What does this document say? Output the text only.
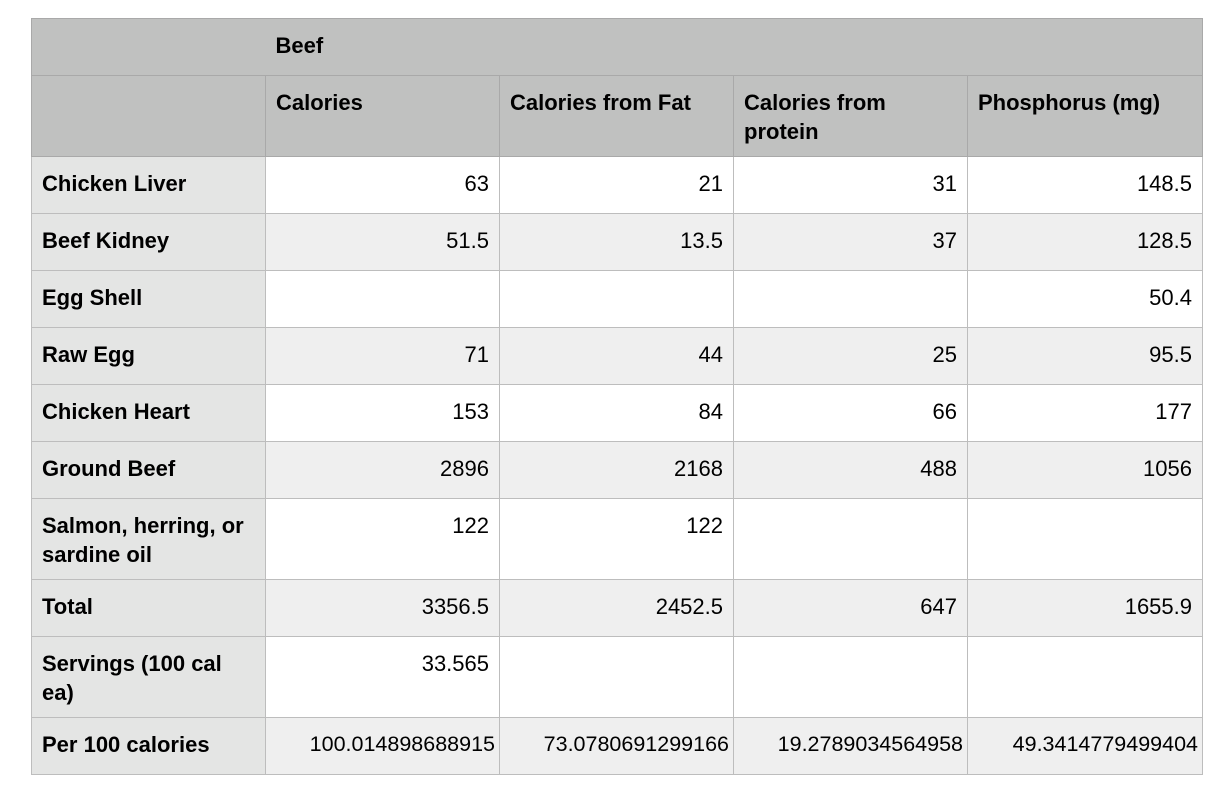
	Beef			
	Calories	Calories from Fat	Calories from protein	Phosphorus (mg)
Chicken Liver	63	21	31	148.5
Beef Kidney	51.5	13.5	37	128.5
Egg Shell				50.4
Raw Egg	71	44	25	95.5
Chicken Heart	153	84	66	177
Ground Beef	2896	2168	488	1056
Salmon, herring, or sardine oil	122	122		
Total	3356.5	2452.5	647	1655.9
Servings (100 cal ea)	33.565			
Per 100 calories	100.014898688915	73.0780691299166	19.2789034564958	49.3414779499404
